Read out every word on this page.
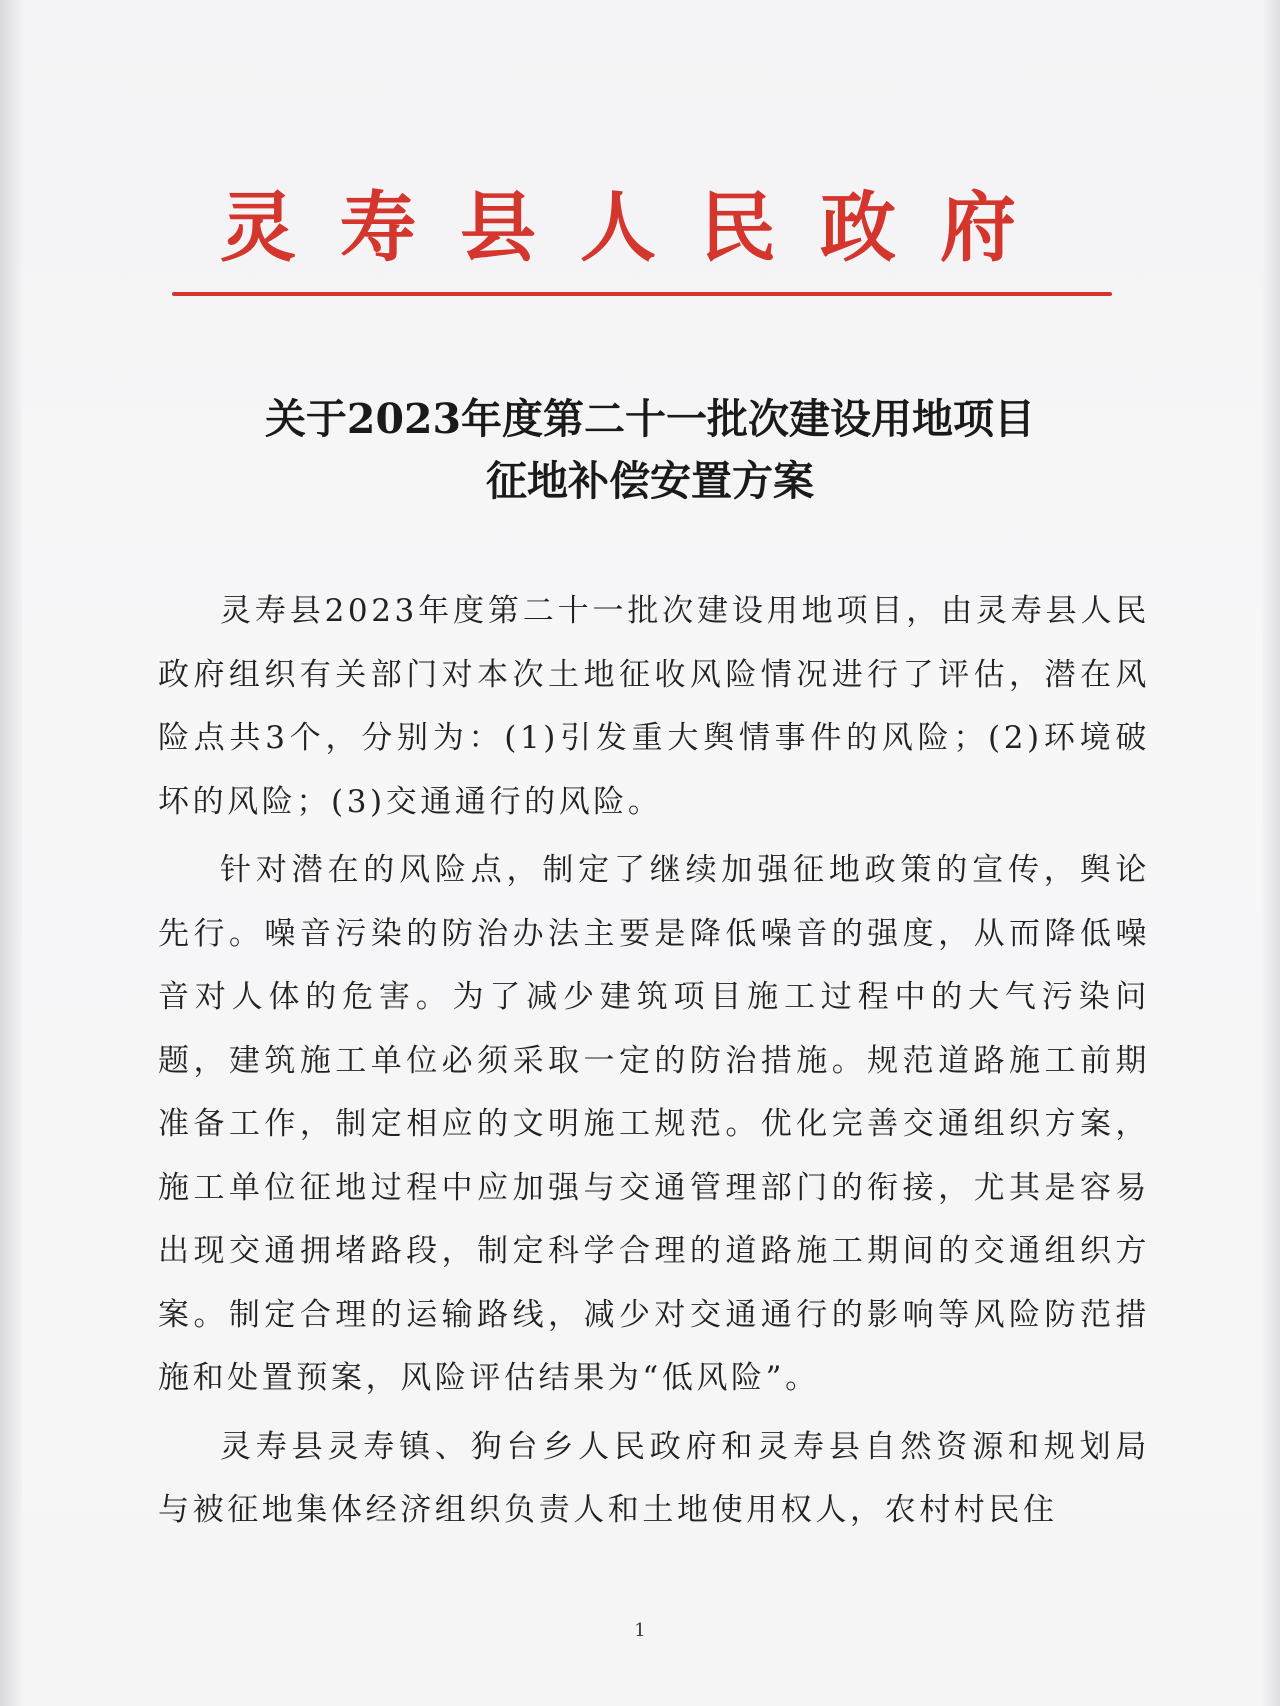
灵寿县人民政府
关于2023年度第二十一批次建设用地项目
征地补偿安置方案

灵寿县2023年度第二十一批次建设用地项目，由灵寿县人民政府组织有关部门对本次土地征收风险情况进行了评估，潜在风险点共3个，分别为：(1)引发重大舆情事件的风险；(2)环境破坏的风险；(3)交通通行的风险。

针对潜在的风险点，制定了继续加强征地政策的宣传，舆论先行。噪音污染的防治办法主要是降低噪音的强度，从而降低噪音对人体的危害。为了减少建筑项目施工过程中的大气污染问题，建筑施工单位必须采取一定的防治措施。规范道路施工前期准备工作，制定相应的文明施工规范。优化完善交通组织方案，施工单位征地过程中应加强与交通管理部门的衔接，尤其是容易出现交通拥堵路段，制定科学合理的道路施工期间的交通组织方案。制定合理的运输路线，减少对交通通行的影响等风险防范措施和处置预案，风险评估结果为“低风险”。

灵寿县灵寿镇、狗台乡人民政府和灵寿县自然资源和规划局与被征地集体经济组织负责人和土地使用权人，农村村民住

1
